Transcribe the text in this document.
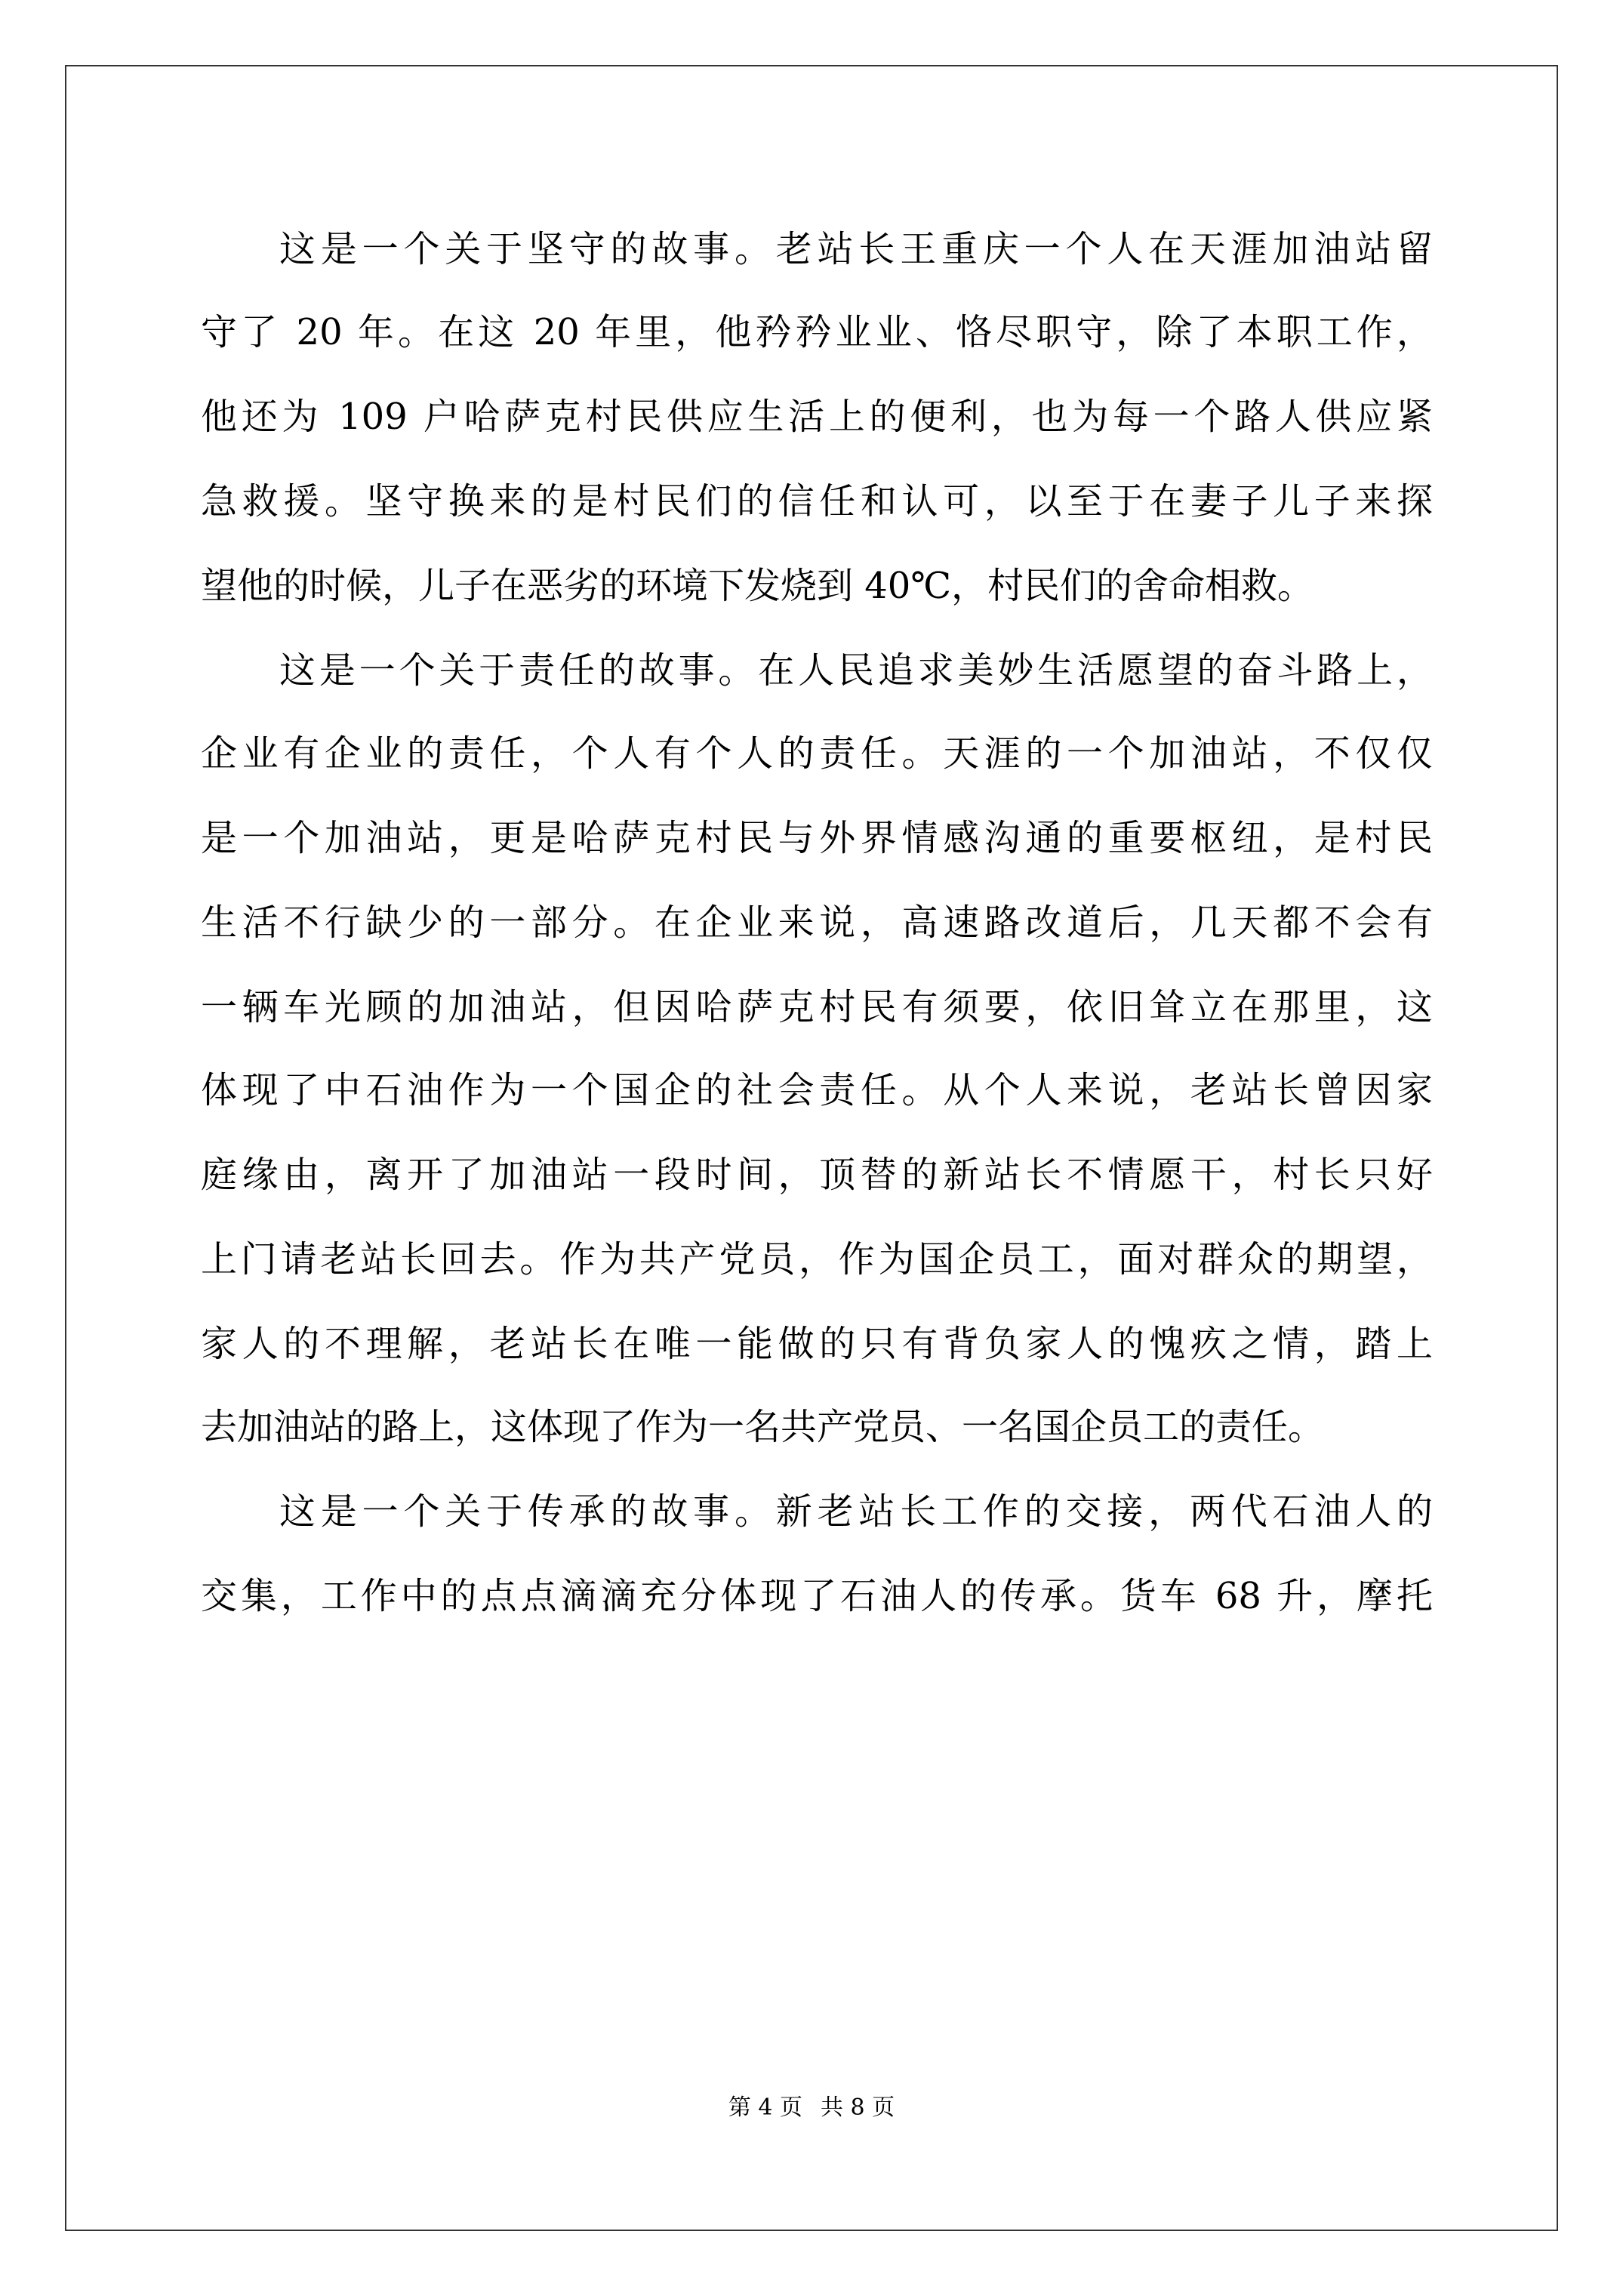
这是一个关于坚守的故事。老站长王重庆一个人在天涯加油站留
守了 20 年。在这 20 年里，他矜矜业业、恪尽职守，除了本职工作，
他还为 109 户哈萨克村民供应生活上的便利，也为每一个路人供应紧
急救援。坚守换来的是村民们的信任和认可，以至于在妻子儿子来探
望他的时候，儿子在恶劣的环境下发烧到 40℃，村民们的舍命相救。
这是一个关于责任的故事。在人民追求美妙生活愿望的奋斗路上，
企业有企业的责任，个人有个人的责任。天涯的一个加油站，不仅仅
是一个加油站，更是哈萨克村民与外界情感沟通的重要枢纽，是村民
生活不行缺少的一部分。在企业来说，高速路改道后，几天都不会有
一辆车光顾的加油站，但因哈萨克村民有须要，依旧耸立在那里，这
体现了中石油作为一个国企的社会责任。从个人来说，老站长曾因家
庭缘由，离开了加油站一段时间，顶替的新站长不情愿干，村长只好
上门请老站长回去。作为共产党员，作为国企员工，面对群众的期望，
家人的不理解，老站长在唯一能做的只有背负家人的愧疚之情，踏上
去加油站的路上，这体现了作为一名共产党员、一名国企员工的责任。
这是一个关于传承的故事。新老站长工作的交接，两代石油人的
交集，工作中的点点滴滴充分体现了石油人的传承。货车 68 升，摩托
第 4 页 共 8 页
